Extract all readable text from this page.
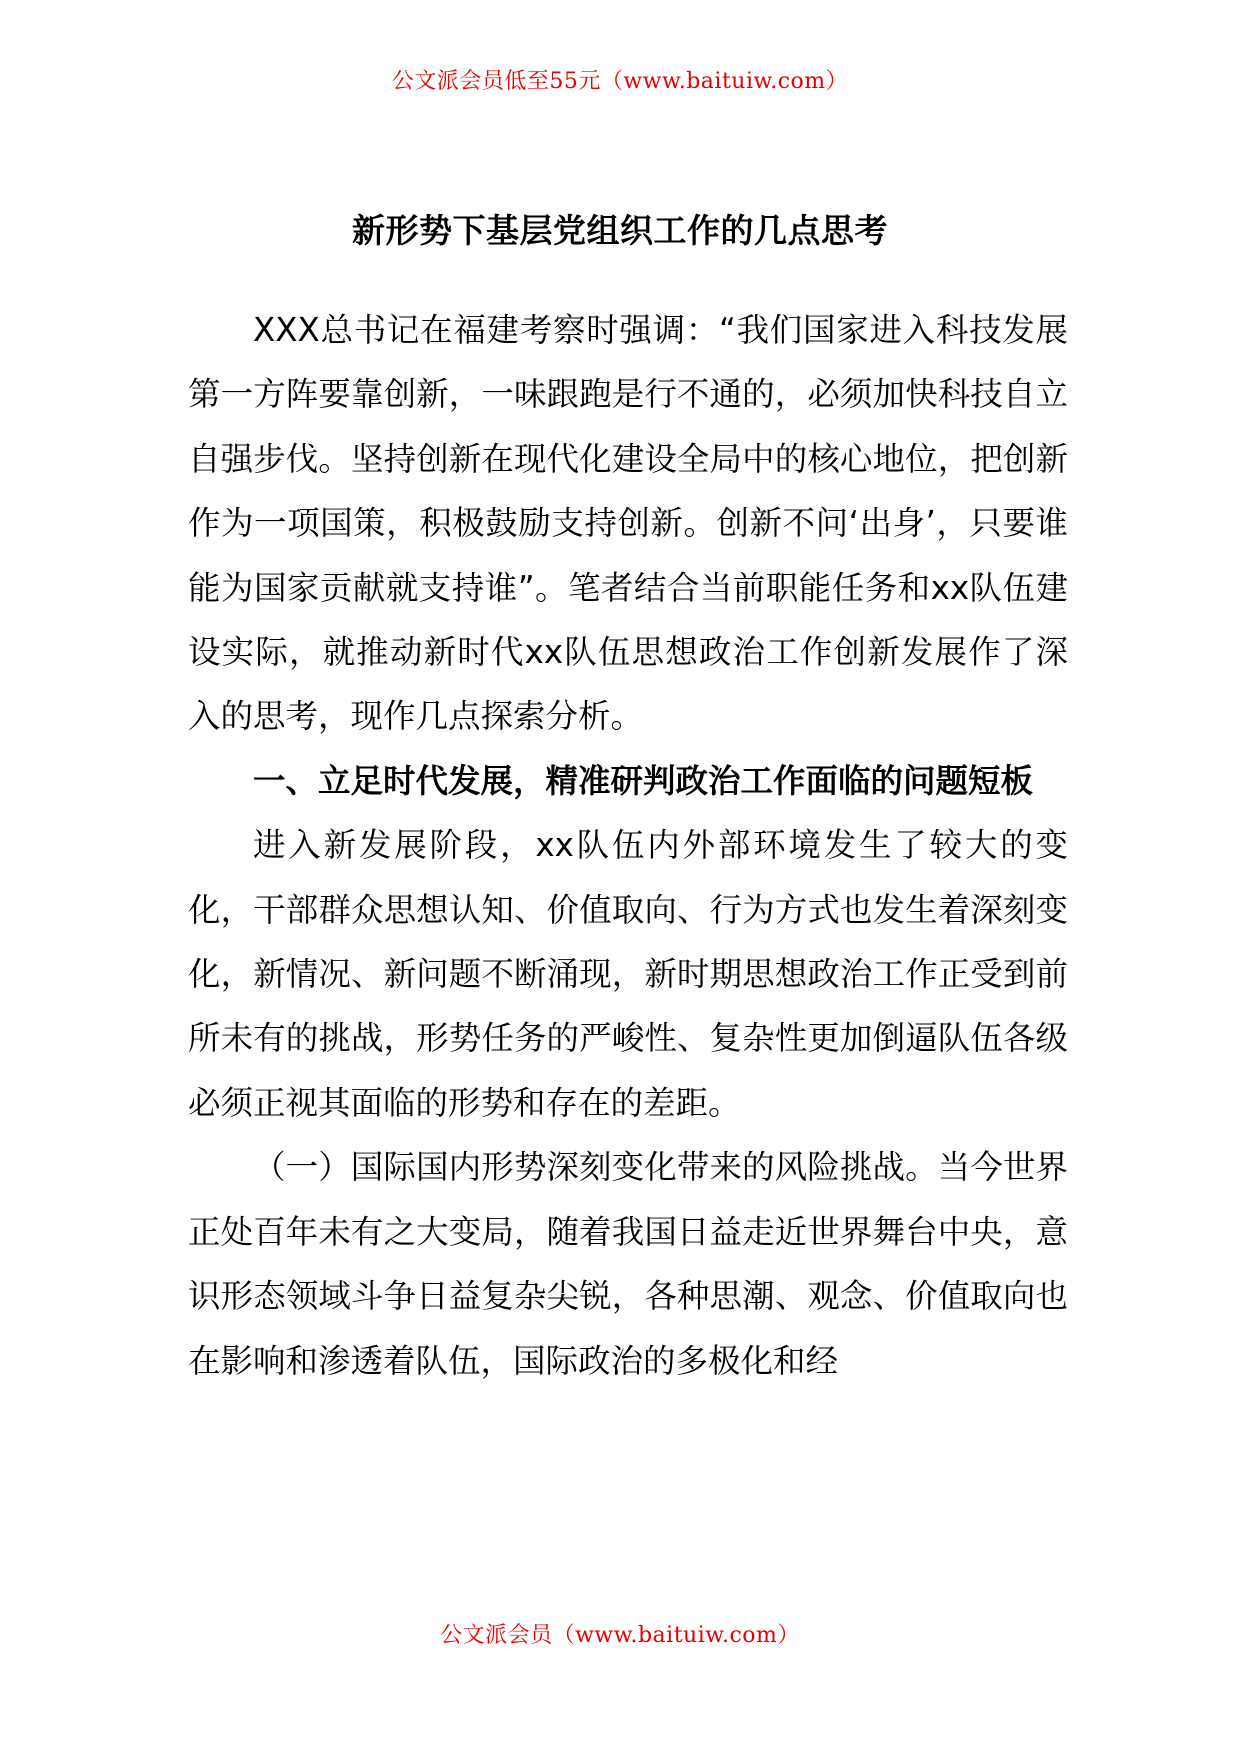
公文派会员低至55元（www.baituiw.com）
新形势下基层党组织工作的几点思考

XXX总书记在福建考察时强调：“我们国家进入科技发展第一方阵要靠创新，一味跟跑是行不通的，必须加快科技自立自强步伐。坚持创新在现代化建设全局中的核心地位，把创新作为一项国策，积极鼓励支持创新。创新不问‘出身’，只要谁能为国家贡献就支持谁”。笔者结合当前职能任务和xx队伍建设实际，就推动新时代xx队伍思想政治工作创新发展作了深入的思考，现作几点探索分析。

一、立足时代发展，精准研判政治工作面临的问题短板

进入新发展阶段，xx队伍内外部环境发生了较大的变化，干部群众思想认知、价值取向、行为方式也发生着深刻变化，新情况、新问题不断涌现，新时期思想政治工作正受到前所未有的挑战，形势任务的严峻性、复杂性更加倒逼队伍各级必须正视其面临的形势和存在的差距。

（一）国际国内形势深刻变化带来的风险挑战。当今世界正处百年未有之大变局，随着我国日益走近世界舞台中央，意识形态领域斗争日益复杂尖锐，各种思潮、观念、价值取向也在影响和渗透着队伍，国际政治的多极化和经

公文派会员（www.baituiw.com）
